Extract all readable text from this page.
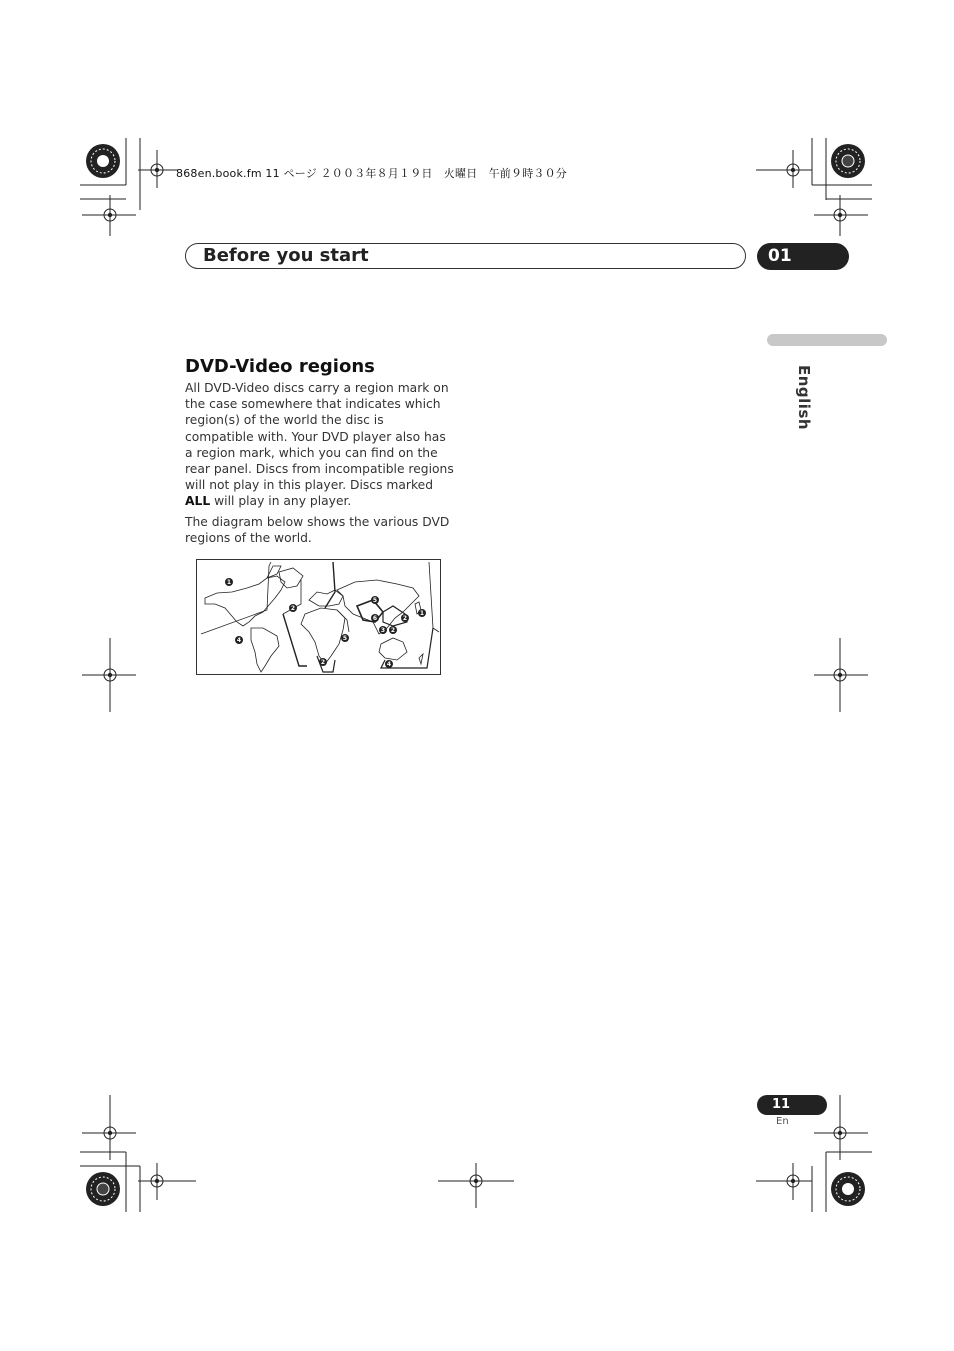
868en.book.fm 11 ページ ２００３年８月１９日　火曜日　午前９時３０分
Before you start	01
English
DVD-Video regions

All DVD-Video discs carry a region mark on the case somewhere that indicates which region(s) of the world the disc is compatible with. Your DVD player also has a region mark, which you can find on the rear panel. Discs from incompatible regions will not play in this player. Discs marked ALL will play in any player.

The diagram below shows the various DVD regions of the world.

1
2
2
4
5
6	2
1
5
3 2
4
11
En
